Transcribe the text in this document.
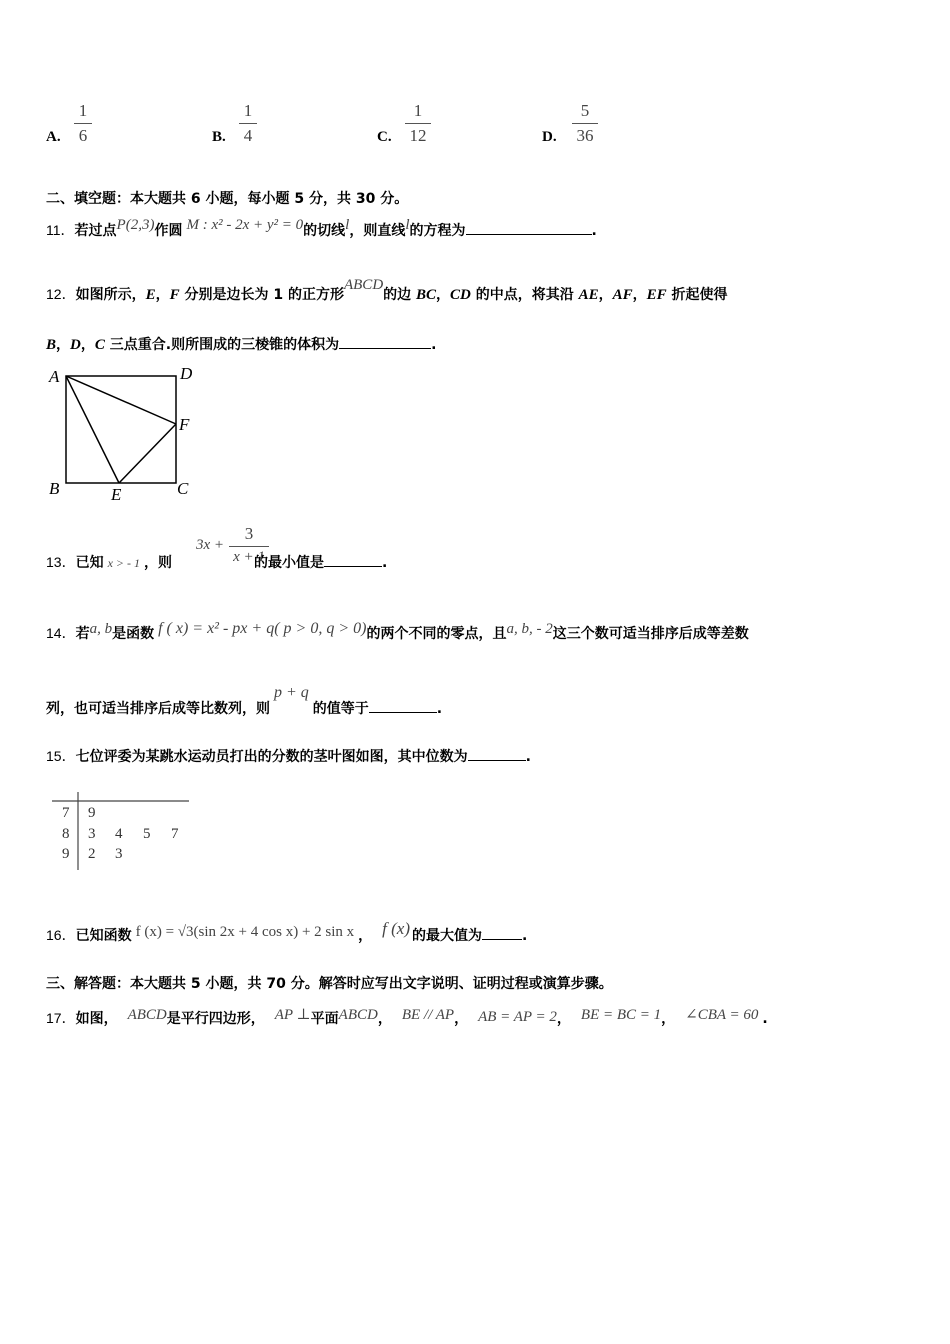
A.
1
6	B.
1
4	C.
1
12	D.
5
36
二、填空题：本大题共 6 小题，每小题 5 分，共 30 分。
11．若过点P(2,3)作圆 M : x² - 2x + y² = 0的切线l，则直线l的方程为	.
12．如图所示，E，F 分别是边长为 1 的正方形ABCD的边 BC，CD 的中点，将其沿 AE，AF，EF 折起使得
B，D，C 三点重合.则所围成的三棱锥的体积为	.
A	D
B	C
E
F
13．已知 x > - 1 ，则	的最小值是	.
3x +
3
x + 1
14．若a, b是函数 f ( x) = x² - px + q( p > 0, q > 0)的两个不同的零点，且a, b, - 2这三个数可适当排序后成等差数
列，也可适当排序后成等比数列，则p + q的值等于	.
15．七位评委为某跳水运动员打出的分数的茎叶图如图，其中位数为	.
7 9
8 3 4 5 7
9 2 3
16．已知函数 f (x) = √3(sin 2x + 4 cos x) + 2 sin x ， f (x) 的最大值为	.
三、解答题：本大题共 5 小题，共 70 分。解答时应写出文字说明、证明过程或演算步骤。
17．如图， ABCD是平行四边形， AP ⊥平面ABCD， BE // AP， AB = AP = 2， BE = BC = 1， ∠CBA = 60 .
